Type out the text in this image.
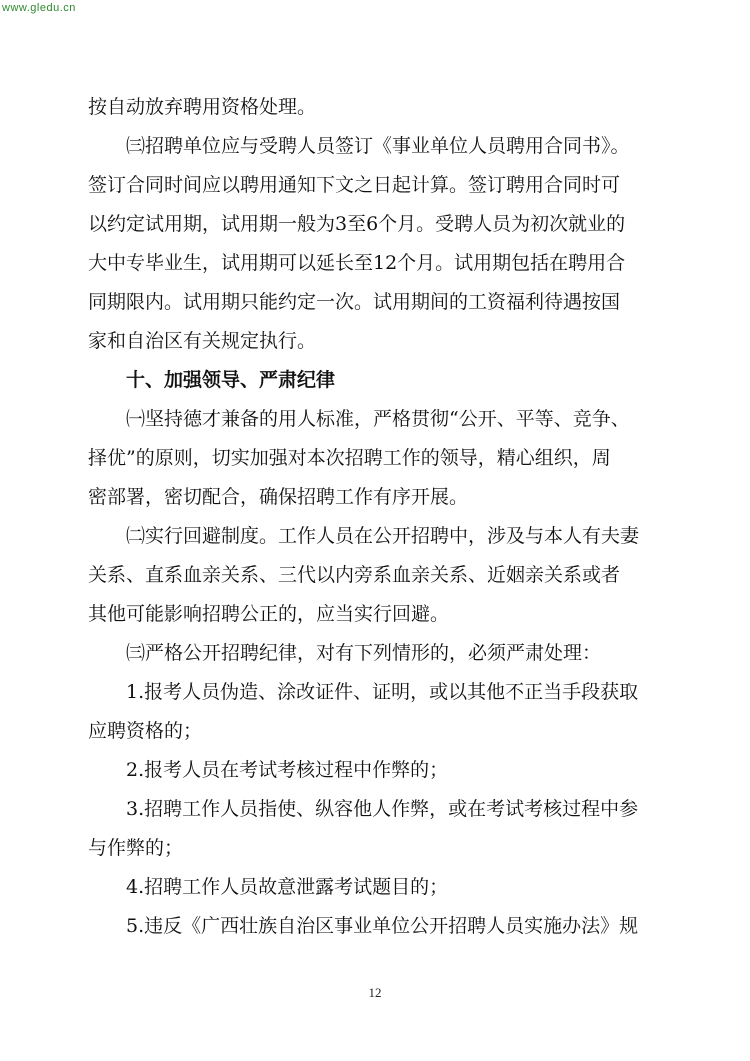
www.gledu.cn
按自动放弃聘用资格处理。
㈢招聘单位应与受聘人员签订《事业单位人员聘用合同书》。
签订合同时间应以聘用通知下文之日起计算。签订聘用合同时可
以约定试用期，试用期一般为3至6个月。受聘人员为初次就业的
大中专毕业生，试用期可以延长至12个月。试用期包括在聘用合
同期限内。试用期只能约定一次。试用期间的工资福利待遇按国
家和自治区有关规定执行。
十、加强领导、严肃纪律
㈠坚持德才兼备的用人标准，严格贯彻“公开、平等、竞争、
择优”的原则，切实加强对本次招聘工作的领导，精心组织，周
密部署，密切配合，确保招聘工作有序开展。
㈡实行回避制度。工作人员在公开招聘中，涉及与本人有夫妻
关系、直系血亲关系、三代以内旁系血亲关系、近姻亲关系或者
其他可能影响招聘公正的，应当实行回避。
㈢严格公开招聘纪律，对有下列情形的，必须严肃处理：
1.报考人员伪造、涂改证件、证明，或以其他不正当手段获取
应聘资格的；
2.报考人员在考试考核过程中作弊的；
3.招聘工作人员指使、纵容他人作弊，或在考试考核过程中参
与作弊的；
4.招聘工作人员故意泄露考试题目的；
5.违反《广西壮族自治区事业单位公开招聘人员实施办法》规
12
